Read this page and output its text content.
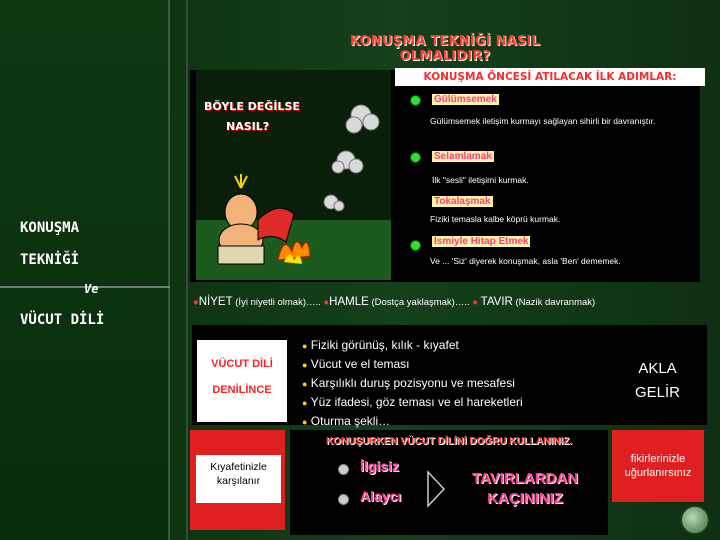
KONUŞMA TEKNİĞİ NASIL OLMALIDIR?
KONUŞMA
TEKNİĞİ
Ve
VÜCUT DİLİ
KONUŞMA ÖNCESİ ATILACAK İLK ADIMLAR:
BÖYLE DEĞİLSE
NASIL?
Gülümsemek
Gülümsemek iletişim kurmayı sağlayan sihirli bir davranıştır.
Selamlamak
İlk "sesli" iletişimi kurmak.
Tokalaşmak
Fiziki temasla kalbe köprü kurmak.
İsmiyle Hitap Etmek
Ve ... 'Siz' diyerek konuşmak, asla 'Ben' dememek.
●NİYET (İyi niyetli olmak)….. ●HAMLE (Dostça yaklaşmak)….. ● TAVIR (Nazik davranmak)
VÜCUT DİLİ
DENİLİNCE
● Fiziki görünüş, kılık - kıyafet
● Vücut ve el teması
● Karşılıklı duruş pozisyonu ve mesafesi
● Yüz ifadesi, göz teması ve el hareketleri
● Oturma şekli…
AKLA
GELİR
Kıyafetinizle karşılanır
KONUŞURKEN VÜCUT DİLİNİ DOĞRU KULLANINIZ.
İlgisiz
Alaycı
TAVIRLARDAN
KAÇININIZ
fikirlerinizle uğurlanırsınız
